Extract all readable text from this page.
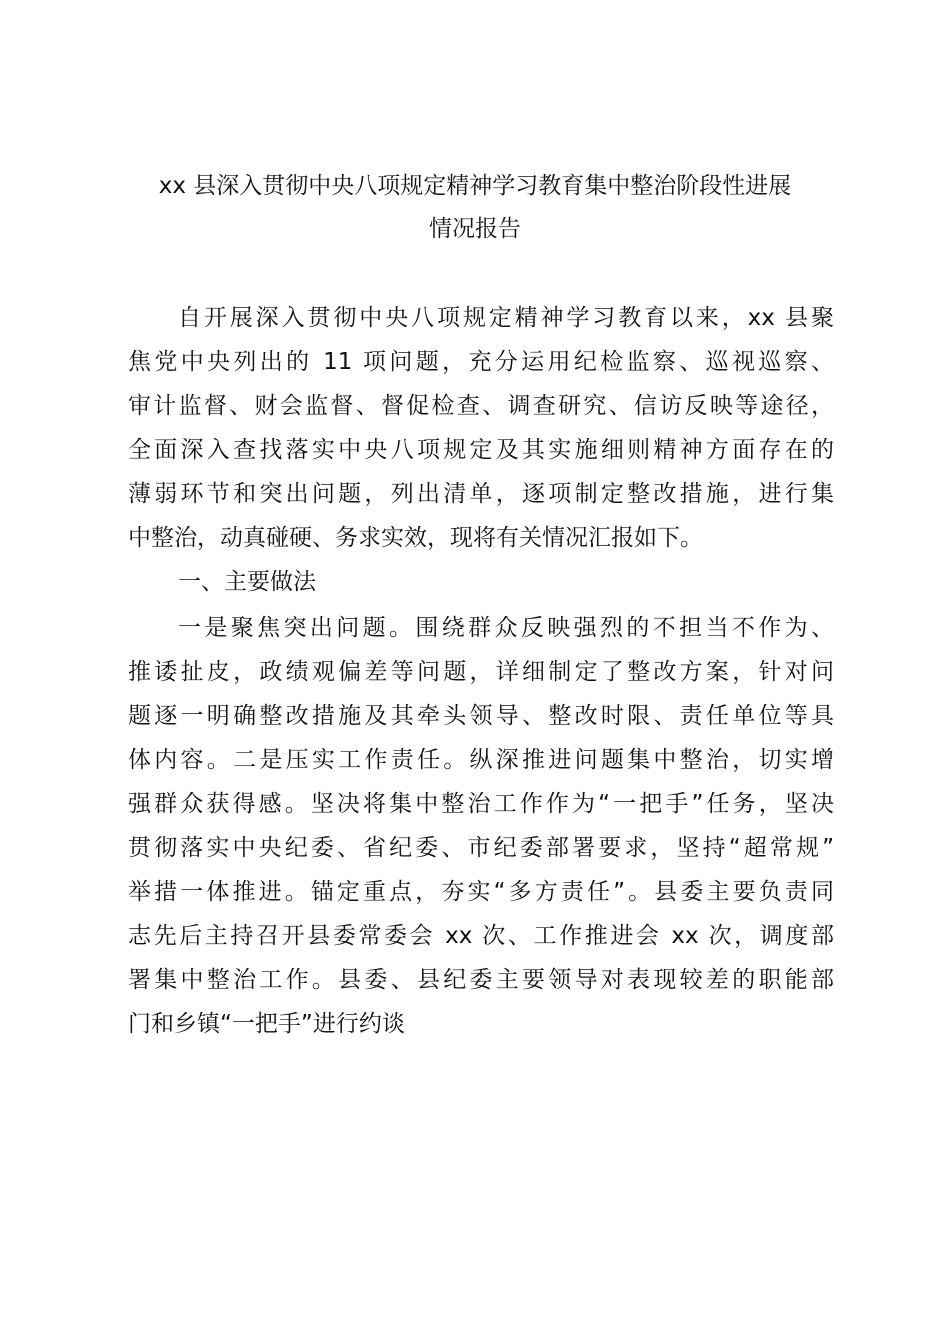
xx 县深入贯彻中央八项规定精神学习教育集中整治阶段性进展
情况报告
自开展深入贯彻中央八项规定精神学习教育以来，xx 县聚
焦党中央列出的 11 项问题，充分运用纪检监察、巡视巡察、
审计监督、财会监督、督促检查、调查研究、信访反映等途径，
全面深入查找落实中央八项规定及其实施细则精神方面存在的
薄弱环节和突出问题，列出清单，逐项制定整改措施，进行集
中整治，动真碰硬、务求实效，现将有关情况汇报如下。
一、主要做法
一是聚焦突出问题。围绕群众反映强烈的不担当不作为、
推诿扯皮，政绩观偏差等问题，详细制定了整改方案，针对问
题逐一明确整改措施及其牵头领导、整改时限、责任单位等具
体内容。二是压实工作责任。纵深推进问题集中整治，切实增
强群众获得感。坚决将集中整治工作作为“一把手”任务，坚决
贯彻落实中央纪委、省纪委、市纪委部署要求，坚持“超常规”
举措一体推进。锚定重点，夯实“多方责任”。县委主要负责同
志先后主持召开县委常委会 xx 次、工作推进会 xx 次，调度部
署集中整治工作。县委、县纪委主要领导对表现较差的职能部
门和乡镇“一把手”进行约谈
